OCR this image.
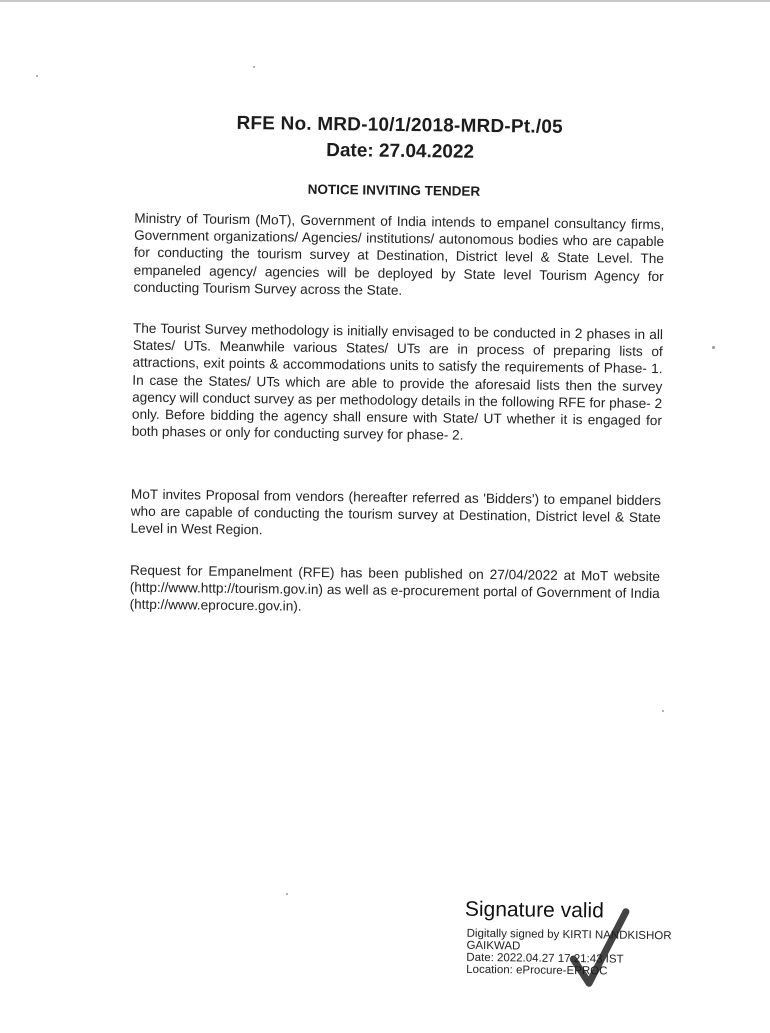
RFE No. MRD-10/1/2018-MRD-Pt./05
Date: 27.04.2022
NOTICE INVITING TENDER

Ministry of Tourism (MoT), Government of India intends to empanel consultancy firms, Government organizations/ Agencies/ institutions/ autonomous bodies who are capable for conducting the tourism survey at Destination, District level & State Level. The empaneled agency/ agencies will be deployed by State level Tourism Agency for conducting Tourism Survey across the State.

The Tourist Survey methodology is initially envisaged to be conducted in 2 phases in all States/ UTs. Meanwhile various States/ UTs are in process of preparing lists of attractions, exit points & accommodations units to satisfy the requirements of Phase- 1. In case the States/ UTs which are able to provide the aforesaid lists then the survey agency will conduct survey as per methodology details in the following RFE for phase- 2 only. Before bidding the agency shall ensure with State/ UT whether it is engaged for both phases or only for conducting survey for phase- 2.

MoT invites Proposal from vendors (hereafter referred as 'Bidders') to empanel bidders who are capable of conducting the tourism survey at Destination, District level & State Level in West Region.

Request for Empanelment (RFE) has been published on 27/04/2022 at MoT website (http://www.http://tourism.gov.in) as well as e-procurement portal of Government of India (http://www.eprocure.gov.in).

Signature valid
Digitally signed by KIRTI NANDKISHOR
GAIKWAD
Date: 2022.04.27 17:21:43 IST
Location: eProcure-EPROC
